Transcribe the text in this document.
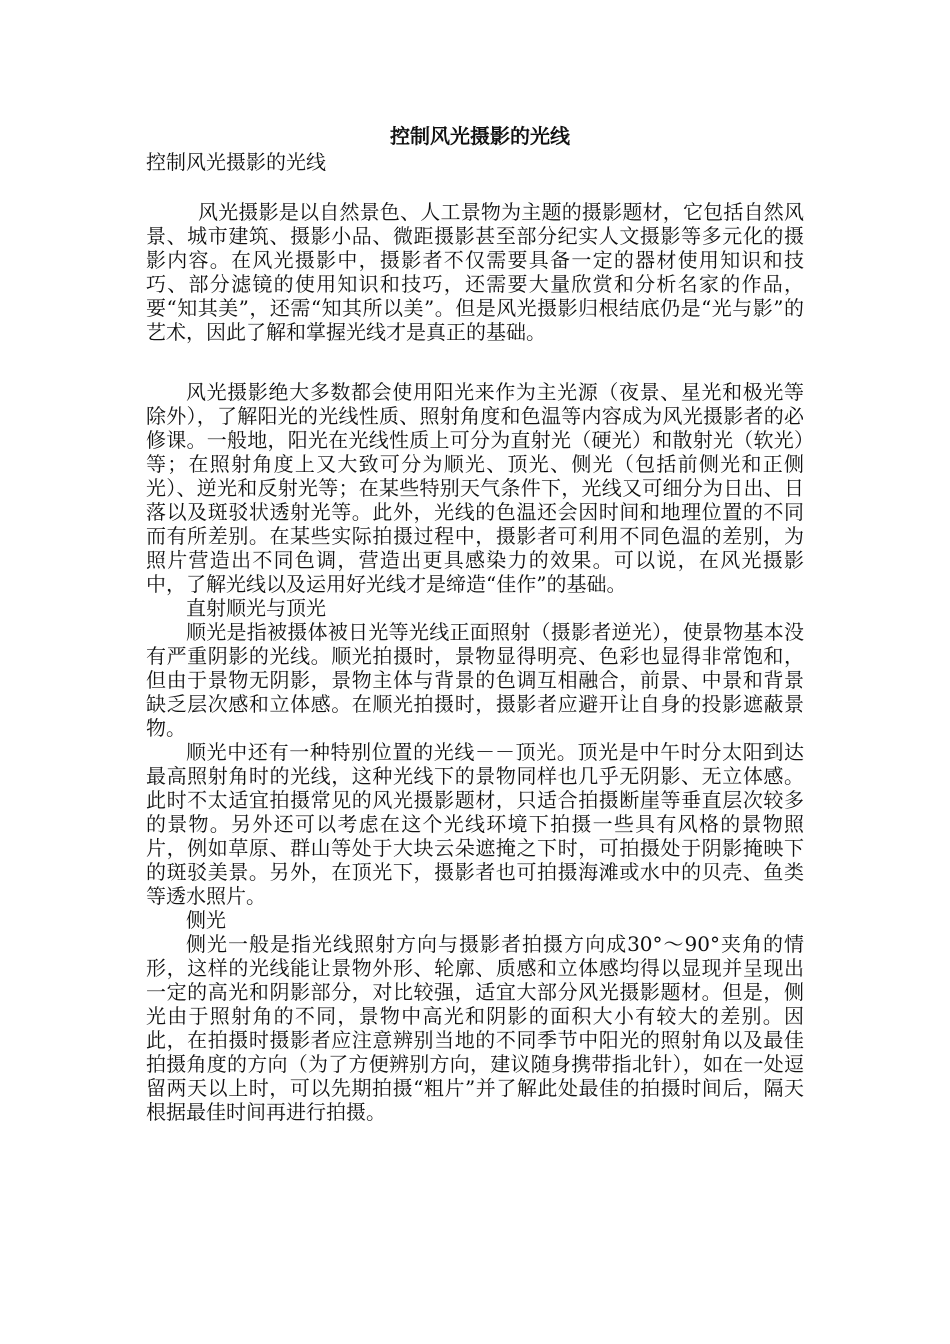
控制风光摄影的光线

控制风光摄影的光线

风光摄影是以自然景色、人工景物为主题的摄影题材，它包括自然风景、城市建筑、摄影小品、微距摄影甚至部分纪实人文摄影等多元化的摄影内容。在风光摄影中，摄影者不仅需要具备一定的器材使用知识和技巧、部分滤镜的使用知识和技巧，还需要大量欣赏和分析名家的作品，要“知其美”，还需“知其所以美”。但是风光摄影归根结底仍是“光与影”的艺术，因此了解和掌握光线才是真正的基础。

风光摄影绝大多数都会使用阳光来作为主光源（夜景、星光和极光等除外），了解阳光的光线性质、照射角度和色温等内容成为风光摄影者的必修课。一般地，阳光在光线性质上可分为直射光（硬光）和散射光（软光）等；在照射角度上又大致可分为顺光、顶光、侧光（包括前侧光和正侧光）、逆光和反射光等；在某些特别天气条件下，光线又可细分为日出、日落以及斑驳状透射光等。此外，光线的色温还会因时间和地理位置的不同而有所差别。在某些实际拍摄过程中，摄影者可利用不同色温的差别，为照片营造出不同色调，营造出更具感染力的效果。可以说，在风光摄影中，了解光线以及运用好光线才是缔造“佳作”的基础。

直射顺光与顶光

顺光是指被摄体被日光等光线正面照射（摄影者逆光），使景物基本没有严重阴影的光线。顺光拍摄时，景物显得明亮、色彩也显得非常饱和，但由于景物无阴影，景物主体与背景的色调互相融合，前景、中景和背景缺乏层次感和立体感。在顺光拍摄时，摄影者应避开让自身的投影遮蔽景物。

顺光中还有一种特别位置的光线－－顶光。顶光是中午时分太阳到达最高照射角时的光线，这种光线下的景物同样也几乎无阴影、无立体感。此时不太适宜拍摄常见的风光摄影题材，只适合拍摄断崖等垂直层次较多的景物。另外还可以考虑在这个光线环境下拍摄一些具有风格的景物照片，例如草原、群山等处于大块云朵遮掩之下时，可拍摄处于阴影掩映下的斑驳美景。另外，在顶光下，摄影者也可拍摄海滩或水中的贝壳、鱼类等透水照片。

侧光

侧光一般是指光线照射方向与摄影者拍摄方向成30°～90°夹角的情形，这样的光线能让景物外形、轮廓、质感和立体感均得以显现并呈现出一定的高光和阴影部分，对比较强，适宜大部分风光摄影题材。但是，侧光由于照射角的不同，景物中高光和阴影的面积大小有较大的差别。因此，在拍摄时摄影者应注意辨别当地的不同季节中阳光的照射角以及最佳拍摄角度的方向（为了方便辨别方向，建议随身携带指北针），如在一处逗留两天以上时，可以先期拍摄“粗片”并了解此处最佳的拍摄时间后，隔天根据最佳时间再进行拍摄。
